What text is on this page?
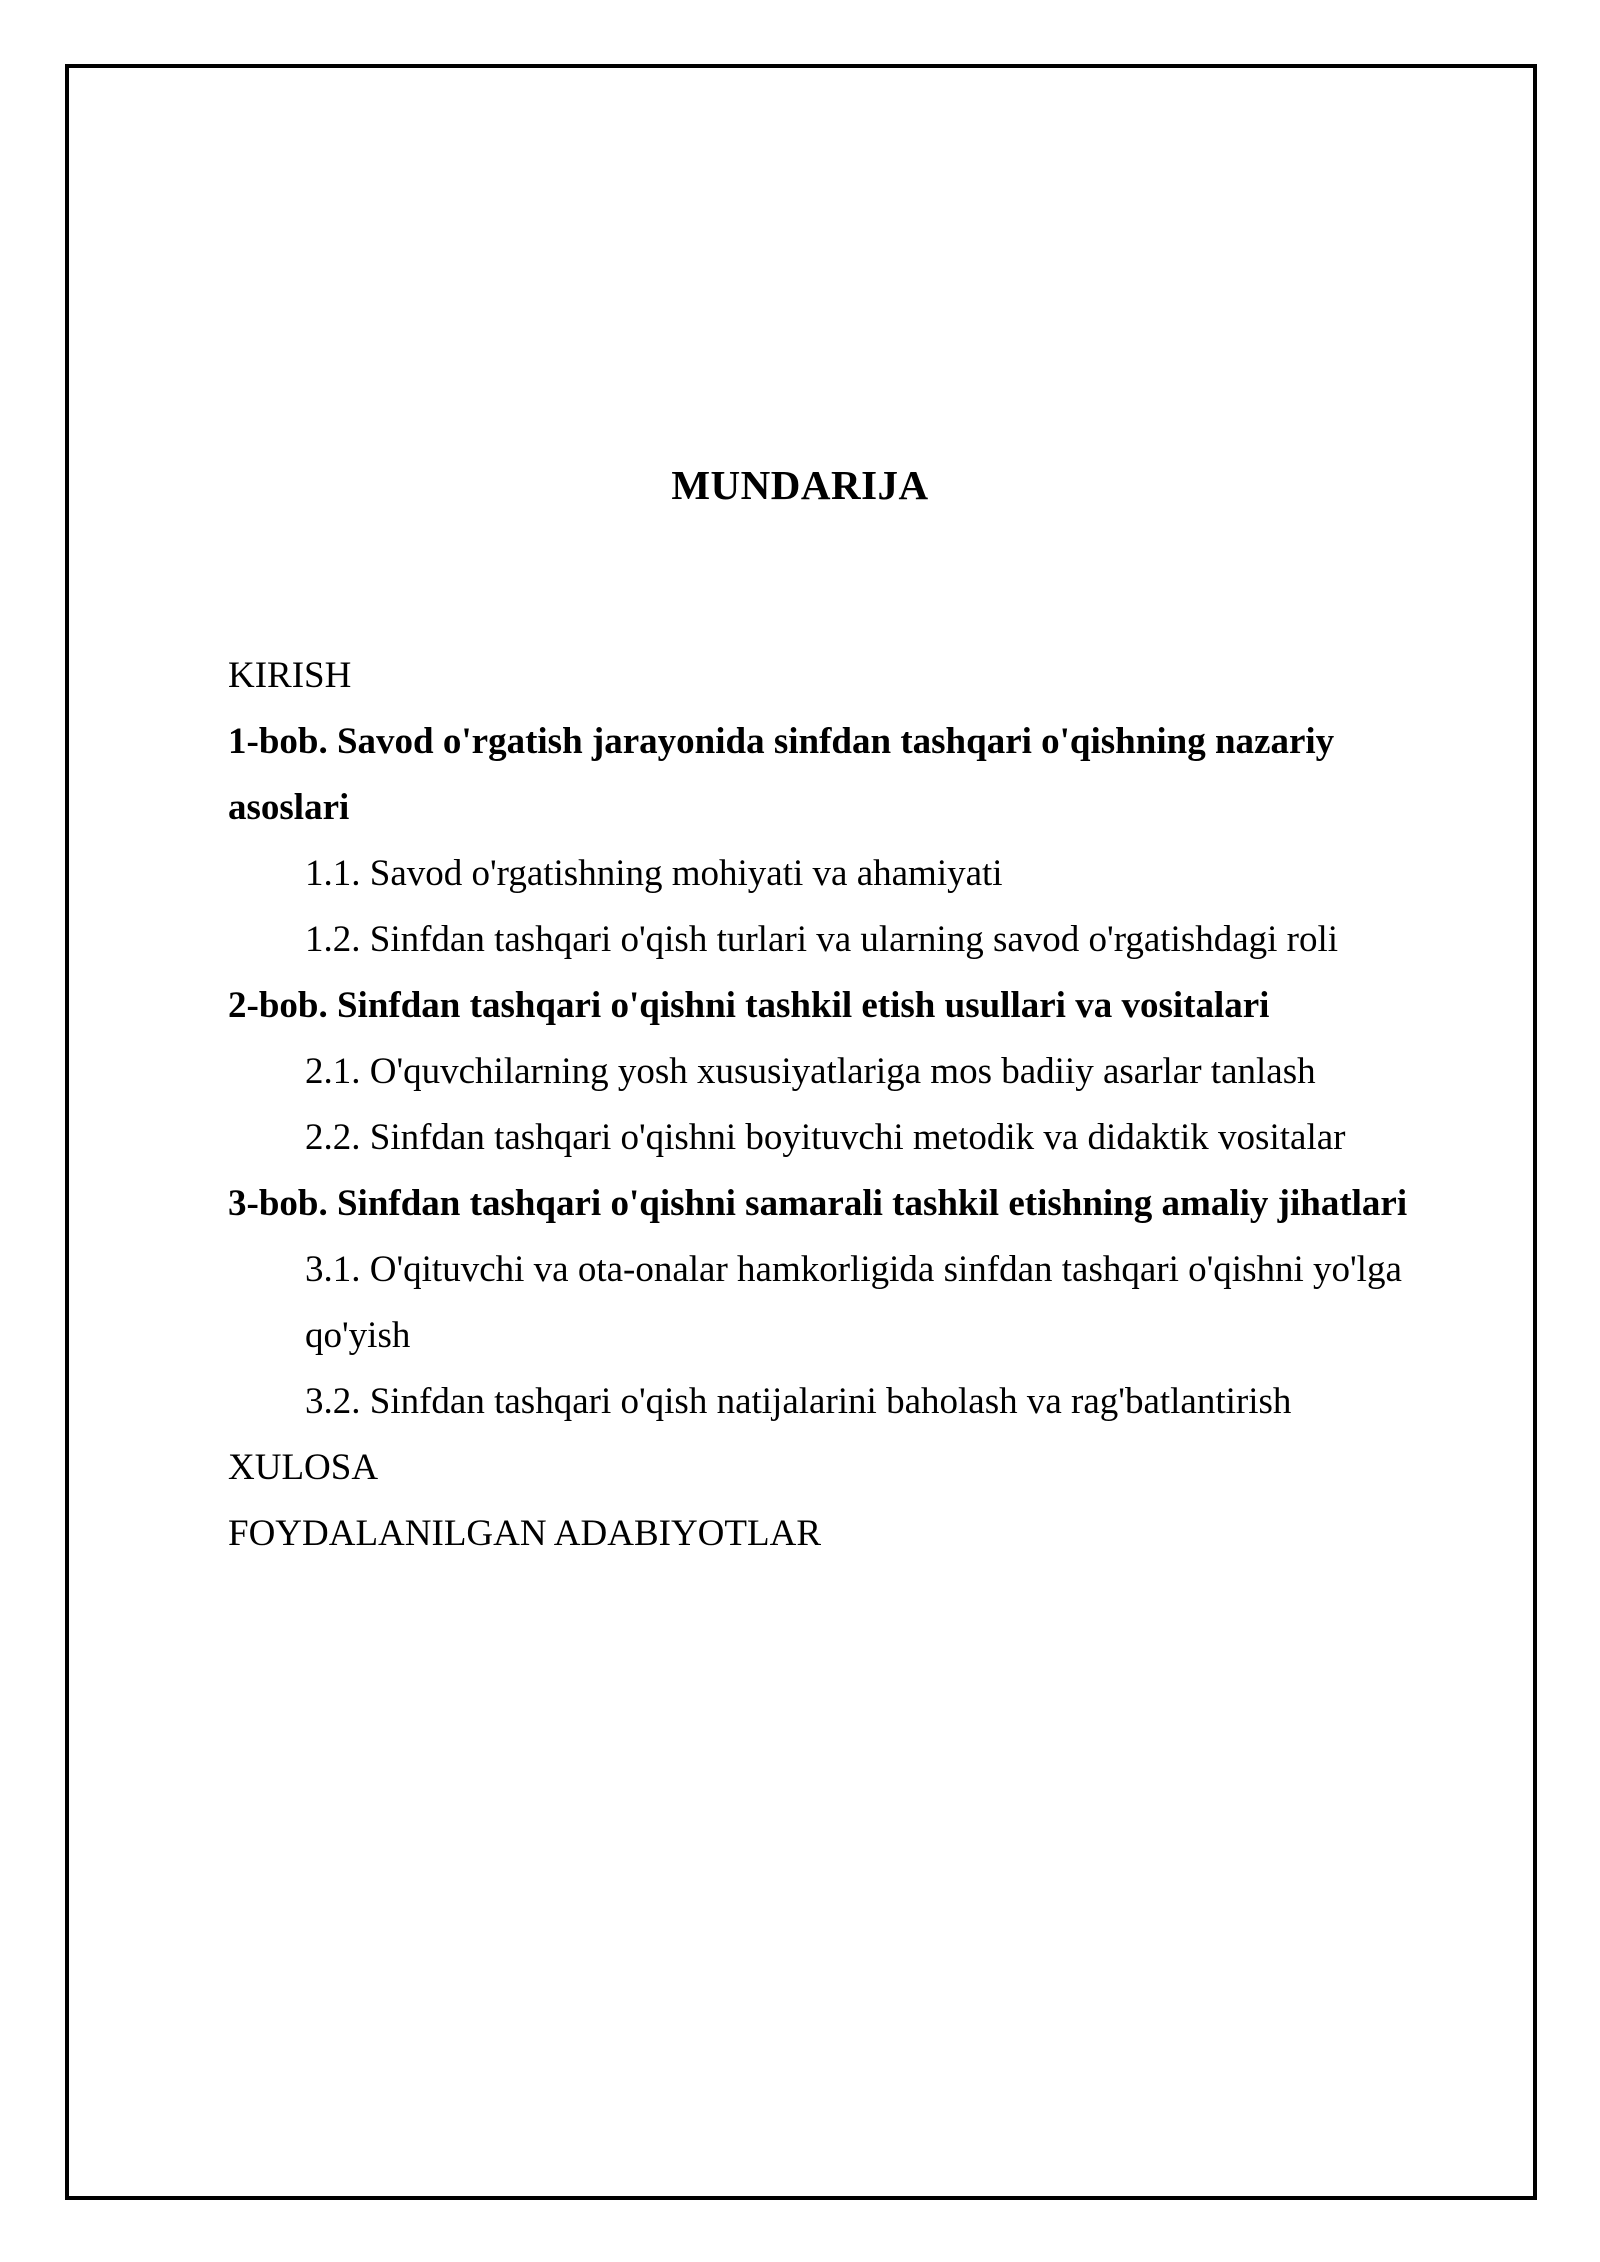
MUNDARIJA

KIRISH

1-bob. Savod o'rgatish jarayonida sinfdan tashqari o'qishning nazariy asoslari

1.1. Savod o'rgatishning mohiyati va ahamiyati

1.2. Sinfdan tashqari o'qish turlari va ularning savod o'rgatishdagi roli

2-bob. Sinfdan tashqari o'qishni tashkil etish usullari va vositalari

2.1. O'quvchilarning yosh xususiyatlariga mos badiiy asarlar tanlash

2.2. Sinfdan tashqari o'qishni boyituvchi metodik va didaktik vositalar

3-bob. Sinfdan tashqari o'qishni samarali tashkil etishning amaliy jihatlari

3.1. O'qituvchi va ota-onalar hamkorligida sinfdan tashqari o'qishni yo'lga qo'yish

3.2. Sinfdan tashqari o'qish natijalarini baholash va rag'batlantirish

XULOSA

FOYDALANILGAN ADABIYOTLAR
